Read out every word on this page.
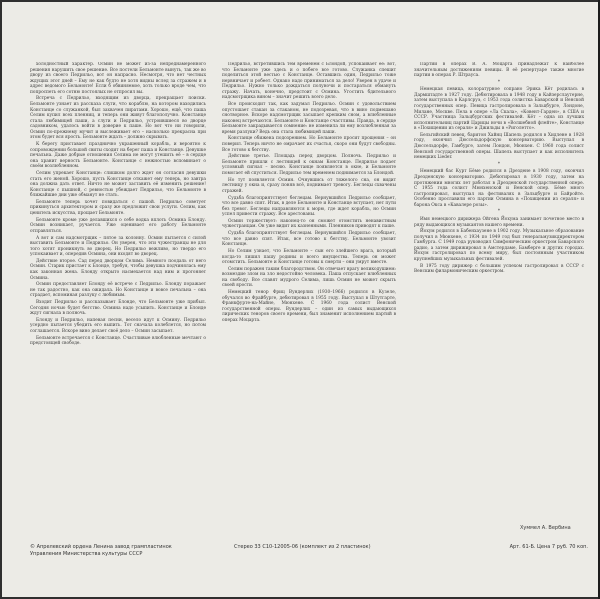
холодностный характер. Осмин не может из-за непреднамеренного решения нарушить свое решение. Все постели Бельмонте вынуть, так же во двору из своего Педрильо, вот он напрасно. Несмотря, что нет честных ждущих этот дней – Ему не как будто не хотя видны вслед за стражем и в адрес ведомого Бельмонте! Если б обвиняемое, хоть только вроде чем, что попроспеть его сотню постоялых не отпросил вы.

Встреча с Педрильо, входящим из дворца, прекращает поиски. Бельмонте узнает из рассказа слуги, что кораблю, на котором находились Констанце со служанкой, был захвачен пиратами. Хорошо, ещё, что паша Селим купил всех пленниц, и теперь они живут благополучно. Констанце стала любимицей паши, а слуги и Педрильо, устроившиеся во дворце садовником, удалось войти в доверие к паше. Но вот что ни говорили, Осмин по-прежнему мучит и выслеживает его – насколько прекрасна при этом будет вся ярость. Бельмонте ждать – должно скрывать.

К берегу приставает празднично украшенный корабль, и вероятно к сопровождении большой свиты сходит на берег паша и Констанце. Девушке печальна. Даже добрые отношения Селима не могут утешить её – в сердце она хранит верность Бельмонте. Констанце с нежностью вспоминает о своём возлюбленном.

Селим упрекает Констанце: слишком долго ждет он согласия девушки стать его женой. Хорошо, пусть Констанце откажет ему теперь, но завтра она должна дать ответ. Ничто не может заставить её изменить решение! Констанце с пышной, с ревностью убеждает Педрильо, что Бельмонте в ближайшие дни уже обманут не стать.

Бельмонте теперь хочет повидаться с пашой. Педрильо советует прикинуться архитектором и сразу же предложит свои услуги. Селим, как ценитель искусства, прощает Бельмонте.

Бельмонте кроме уже делавшихся о себе водка вплоть Осмина Блонду. Осмин возникает, ручается. Уже оценивает его работу Бельмонте отправляться.

А вот и сам надсмотрщик – пятое за колонну. Осмин пытается с силой выставить Бельмонте и Педрильо. Он уверен, что эти чужестранцы не для того хотят проникнуть во дворец. Но Педрильо вежливо, но твердо его успокаивает и, опередив Осмина, они входят во дворец.

Действие второе. Сад перед дворцом Селима. Немного поодаль от него Осмин. Старик пристает к Блонде, требуя, чтобы девушка подчинялась ему как законная жена. Блонду открыто насмехается над ним и прогоняет Осмина.

Осмин предоставляет Блонду её встрече с Педрильо. Блонду поражает не так радостно, как она ожидала. Но Констанце и вовсе печальна – она страдает, вспоминая разлуку с любимым.

Входит Педрильо и рассказывает Блонде, что Бельмонте уже прибыл. Сегодня ночью будет бегство. Осмина надо усыпить. Констанце и Блонде ждут сигнала в полночь.

Блонду и Педрильо, напевая песни, весело идут к Осмину. Педрильо усердно пытается убедить его выпить. Тот сначала колеблется, но потом соглашается. Вскоре вино делает своё дело – Осмин засыпает.

Бельмонте встречается с Констанце. Счастливые влюбленные мечтают о предстоящей свободе.

Педрильо, встретившись тем временем с Блондой, успокаивает её: вот, что Бельмонте уже здесь и о побеге все готово. Служанка спешит поделиться этой вестью с Констанце. Оставшись один, Педрильо тоже нервничает и робеет. Однако надо приниматься за дело! Уверен в удаче и Педрильо. Нужно только дождаться полуночи и постараться обмануть стражу. Начать, конечно, предстоит с Осмина. Угостить бдительного надсмотрщика вином – значит решить всего дело.

Все происходит так, как задумал Педрильо. Осмин с удовольствием опустошает стакан за стаканом, не подозревая, что в вино подмешано снотворное. Вскоре надсмотрщик засыпает крепким сном, а влюбленные наконец встречаются. Бельмонте и Констанце счастливы. Правда, в сердце Бельмонте закрадывается сомнение: не изменила ли ему возлюбленная за время разлуки? Ведь она стала любимицей паши.

Констанце обижена подозрением. Но Бельмонте просит прощения – он поверил. Теперь ничто не омрачает их счастья, скоро они будут свободны. Все готово к бегству.

Действие третье. Площадь перед дворцом. Полночь. Педрильо и Бельмонте пришли с лестницей к окнам Констанце. Педрильо подает условный сигнал – песню. Констанце появляется в окне, и Бельмонте помогает ей спуститься. Педрильо тем временем поднимается за Блондой.

Но тут появляется Осмин. Очнувшись от тяжелого сна, он видит лестницу у окна и, сразу поняв всё, поднимает тревогу. Беглецы схвачены стражей.

Судьба благоприятствует беглецам. Вернувшийся Педрильо сообщает, что все давно спят. Итак, в деле Бельмонте и Констанце вступает, нет пути без тревог. Беглецы направляются к морю, где ждет корабль, но Осмин успел привести стражу. Все арестованы.

Осмин торжествует: наконец-то он сможет отомстить ненавистным чужестранцам. Он уже видит их казненными. Пленников приводят к паше.

Судьба благоприятствует беглецам. Вернувшийся Педрильо сообщает, что все давно спят. Итак, все готово к бегству. Бельмонте увозит Констанце.

Но Селим узнает, что Бельмонте – сын его злейшего врага, который когда-то лишил пашу родины и всего имущества. Теперь он может отомстить. Бельмонте и Констанце готовы к смерти – они умрут вместе.

Селим поражен таким благородством. Он отвечает врагу великодушием: возмездие злом на зло недостойно человека. Паша отпускает влюбленных на свободу. Все славят мудрого Селима, лишь Осмин не может скрыть своей ярости.

Немецкий тенор Фриц Вундерлих (1930–1966) родился в Кузеле, обучался во Фрайбурге, дебютировал в 1955 году. Выступал в Штутгарте, Франкфурте-на-Майне, Мюнхене. С 1960 года солист Венской государственной оперы. Вундерлих – один из самых выдающихся лирических теноров своего времени, был знаменит исполнением партий в операх Моцарта.

Партии в операх В. А. Моцарта принадлежат к наиболее значительным достижениям певицы. В её репертуаре также многие партии в операх Р. Штрауса.

*

Немецкая певица, колоратурное сопрано Эрика Кёт родилась в Дармштадте в 1927 году. Дебютировала в 1948 году в Кайзерслаутерне, затем выступала в Карлсруэ, с 1953 года солистка Баварской и Венской государственных опер. Певица гастролировала в Зальцбурге, Лондоне, Милане, Москве. Пела в опере «Ла Скала», «Ковент-Гарден», в США и СССР. Участница Зальцбургских фестивалей. Кёт – одна из лучших исполнительниц партий Царицы ночи в «Волшебной флейте», Констанце в «Похищении из сераля» и Джильды в «Риголетто».

Бельгийский певец, баритон Хайнц Шапель родился в Хидлене в 1928 году, окончил Дюссельдорфскую консерваторию. Выступал в Дюссельдорфе, Гамбурге, затем Лондон, Мюнхен. С 1960 года солист Венской государственной оперы. Шапель выступает и как исполнитель немецких Lieder.

*

Немецкий бас Курт Бёме родился в Дрездене в 1908 году, окончил Дрезденскую консерваторию. Дебютировал в 1930 году, затем на протяжении многих лет работал в Дрезденской государственной опере. С 1955 года солист Мюнхенской и Венской опер. Бёме много гастролировал, выступал на фестивалях в Зальцбурге и Байройте. Особенно прославили его партии Осмина в «Похищении из сераля» и барона Окса в «Кавалере розы».

*

Имя немецкого дирижера Ойгена Йохума занимает почетное место в ряду выдающихся музыкантов нашего времени.

Йохум родился в Бабенхаузене в 1902 году. Музыкальное образование получил в Мюнхене, с 1934 по 1949 год был генеральмузикдиректором Гамбурга. С 1949 года руководил Симфоническим оркестром Баварского радио, а затем дирижировал в Амстердаме, Бамберге и других городах. Йохум гастролировал по всему миру, был постоянным участником крупнейших музыкальных фестивалей.

В 1975 году дирижер с большим успехом гастролировал в СССР с Венским филармоническим оркестром.

Хуммел А. Вербина
© Апрелевский ордена Ленина завод грампластинок
Управления Министерства культуры СССР
Стерео 33 С10-12005-06 (комплект из 2 пластинок)	Арт. 61-Б. Цена 7 руб. 70 коп.
